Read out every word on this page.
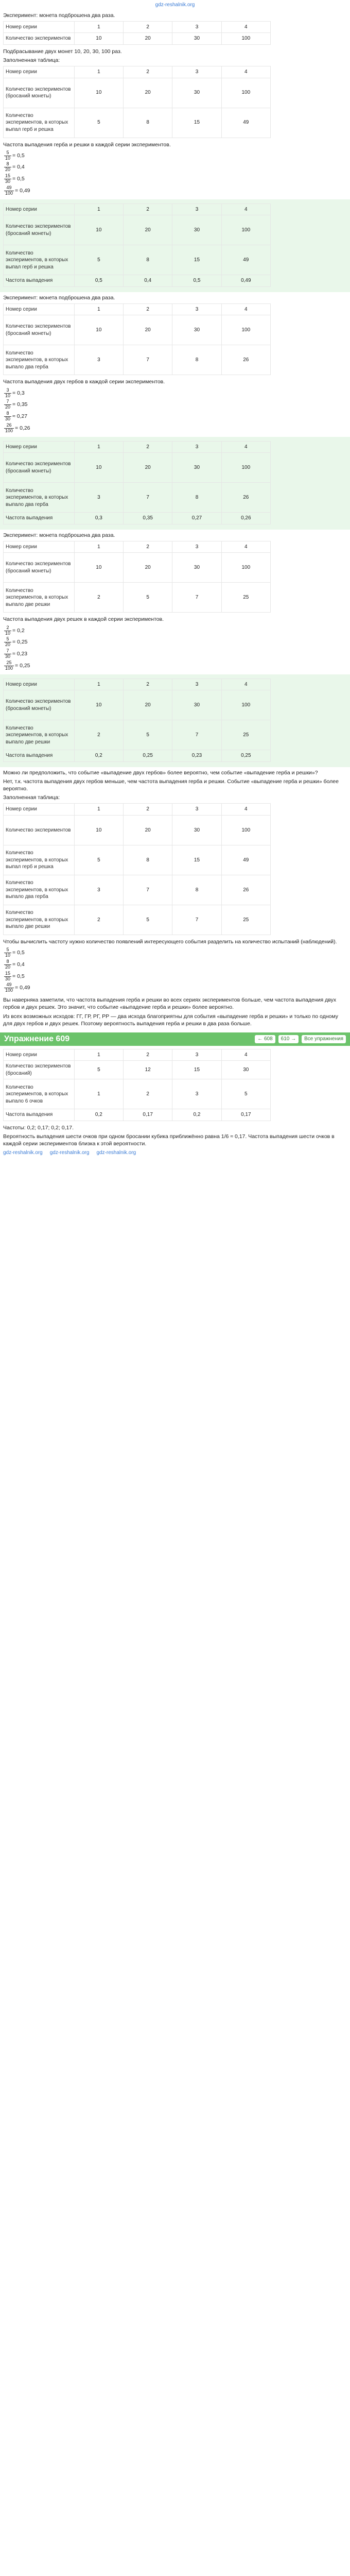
gdz-reshalnik.org
Эксперимент: монета подброшена два раза.
Номер серии	1	2	3	4
Количество экспериментов	10	20	30	100
Подбрасывание двух монет 10, 20, 30, 100 раз.
Заполненная таблица:
Номер серии	1	2	3	4
Количество экспериментов (бросаний монеты)	10	20	30	100
Количество экспериментов, в которых выпал герб и решка	5	8	15	49
Частота выпадения герба и решки в каждой серии экспериментов.
$\frac{5}{10} = 0,5$
$\frac{8}{20} = 0,4$
$\frac{15}{30} = 0,5$
$\frac{49}{100} = 0,49$
Номер серии	1	2	3	4
Количество экспериментов (бросаний монеты)	10	20	30	100
Количество экспериментов, в которых выпал герб и решка	5	8	15	49
Частота выпадения	0,5	0,4	0,5	0,49
Эксперимент: монета подброшена два раза.
Номер серии	1	2	3	4
Количество экспериментов (бросаний монеты)	10	20	30	100
Количество экспериментов, в которых выпало два герба	3	7	8	26
Частота выпадения двух гербов в каждой серии экспериментов.
$\frac{3}{10} = 0,3$
$\frac{7}{20} = 0,35$
$\frac{8}{30} \approx 0,27$
$\frac{26}{100} = 0,26$
Номер серии	1	2	3	4
Количество экспериментов (бросаний монеты)	10	20	30	100
Количество экспериментов, в которых выпало два герба	3	7	8	26
Частота выпадения	0,3	0,35	0,27	0,26
Эксперимент: монета подброшена два раза.
Номер серии	1	2	3	4
Количество экспериментов (бросаний монеты)	10	20	30	100
Количество экспериментов, в которых выпало две решки	2	5	7	25
Частота выпадения двух решек в каждой серии экспериментов.
$\frac{2}{10} = 0,2$
$\frac{5}{20} = 0,25$
$\frac{7}{30} \approx 0,23$
$\frac{25}{100} = 0,25$
Номер серии	1	2	3	4
Количество экспериментов (бросаний монеты)	10	20	30	100
Количество экспериментов, в которых выпало две решки	2	5	7	25
Частота выпадения	0,2	0,25	0,23	0,25
Можно ли предположить, что событие «выпадение двух гербов» более вероятно, чем событие «выпадение герба и решки»?
Нет, т.к. частота выпадения двух гербов меньше, чем частота выпадения герба и решки. Событие «выпадение герба и решки» более вероятно.
Заполненная таблица:
Номер серии	1	2	3	4
Количество экспериментов	10	20	30	100
Количество экспериментов, в которых выпал герб и решка	5	8	15	49
Количество экспериментов, в которых выпало два герба	3	7	8	26
Количество экспериментов, в которых выпало две решки	2	5	7	25
Чтобы вычислить частоту нужно количество появлений интересующего события разделить на количество испытаний (наблюдений).
$\frac{5}{10} = 0,5$
$\frac{8}{20} = 0,4$
$\frac{15}{30} = 0,5$
$\frac{49}{100} = 0,49$
Вы наверняка заметили, что частота выпадения герба и решки во всех сериях экспериментов больше, чем частота выпадения двух гербов и двух решек. Это значит, что событие «выпадение герба и решки» более вероятно.
Из всех возможных исходов: ГГ, ГР, РГ, РР — два исхода благоприятны для события «выпадение герба и решки» и только по одному для двух гербов и двух решек. Поэтому вероятность выпадения герба и решки в два раза больше.
Упражнение 609	← 608	610 →	Все упражнения
Номер серии	1	2	3	4
Количество экспериментов (бросаний)	5	12	15	30
Количество экспериментов, в которых выпало 6 очков	1	2	3	5
Частота выпадения	0,2	0,17	0,2	0,17
Частоты: 0,2; 0,17; 0,2; 0,17.
Вероятность выпадения шести очков при одном бросании кубика приближённо равна 1/6 ≈ 0,17. Частота выпадения шести очков в каждой серии экспериментов близка к этой вероятности.
gdz-reshalnik.org gdz-reshalnik.org gdz-reshalnik.org
